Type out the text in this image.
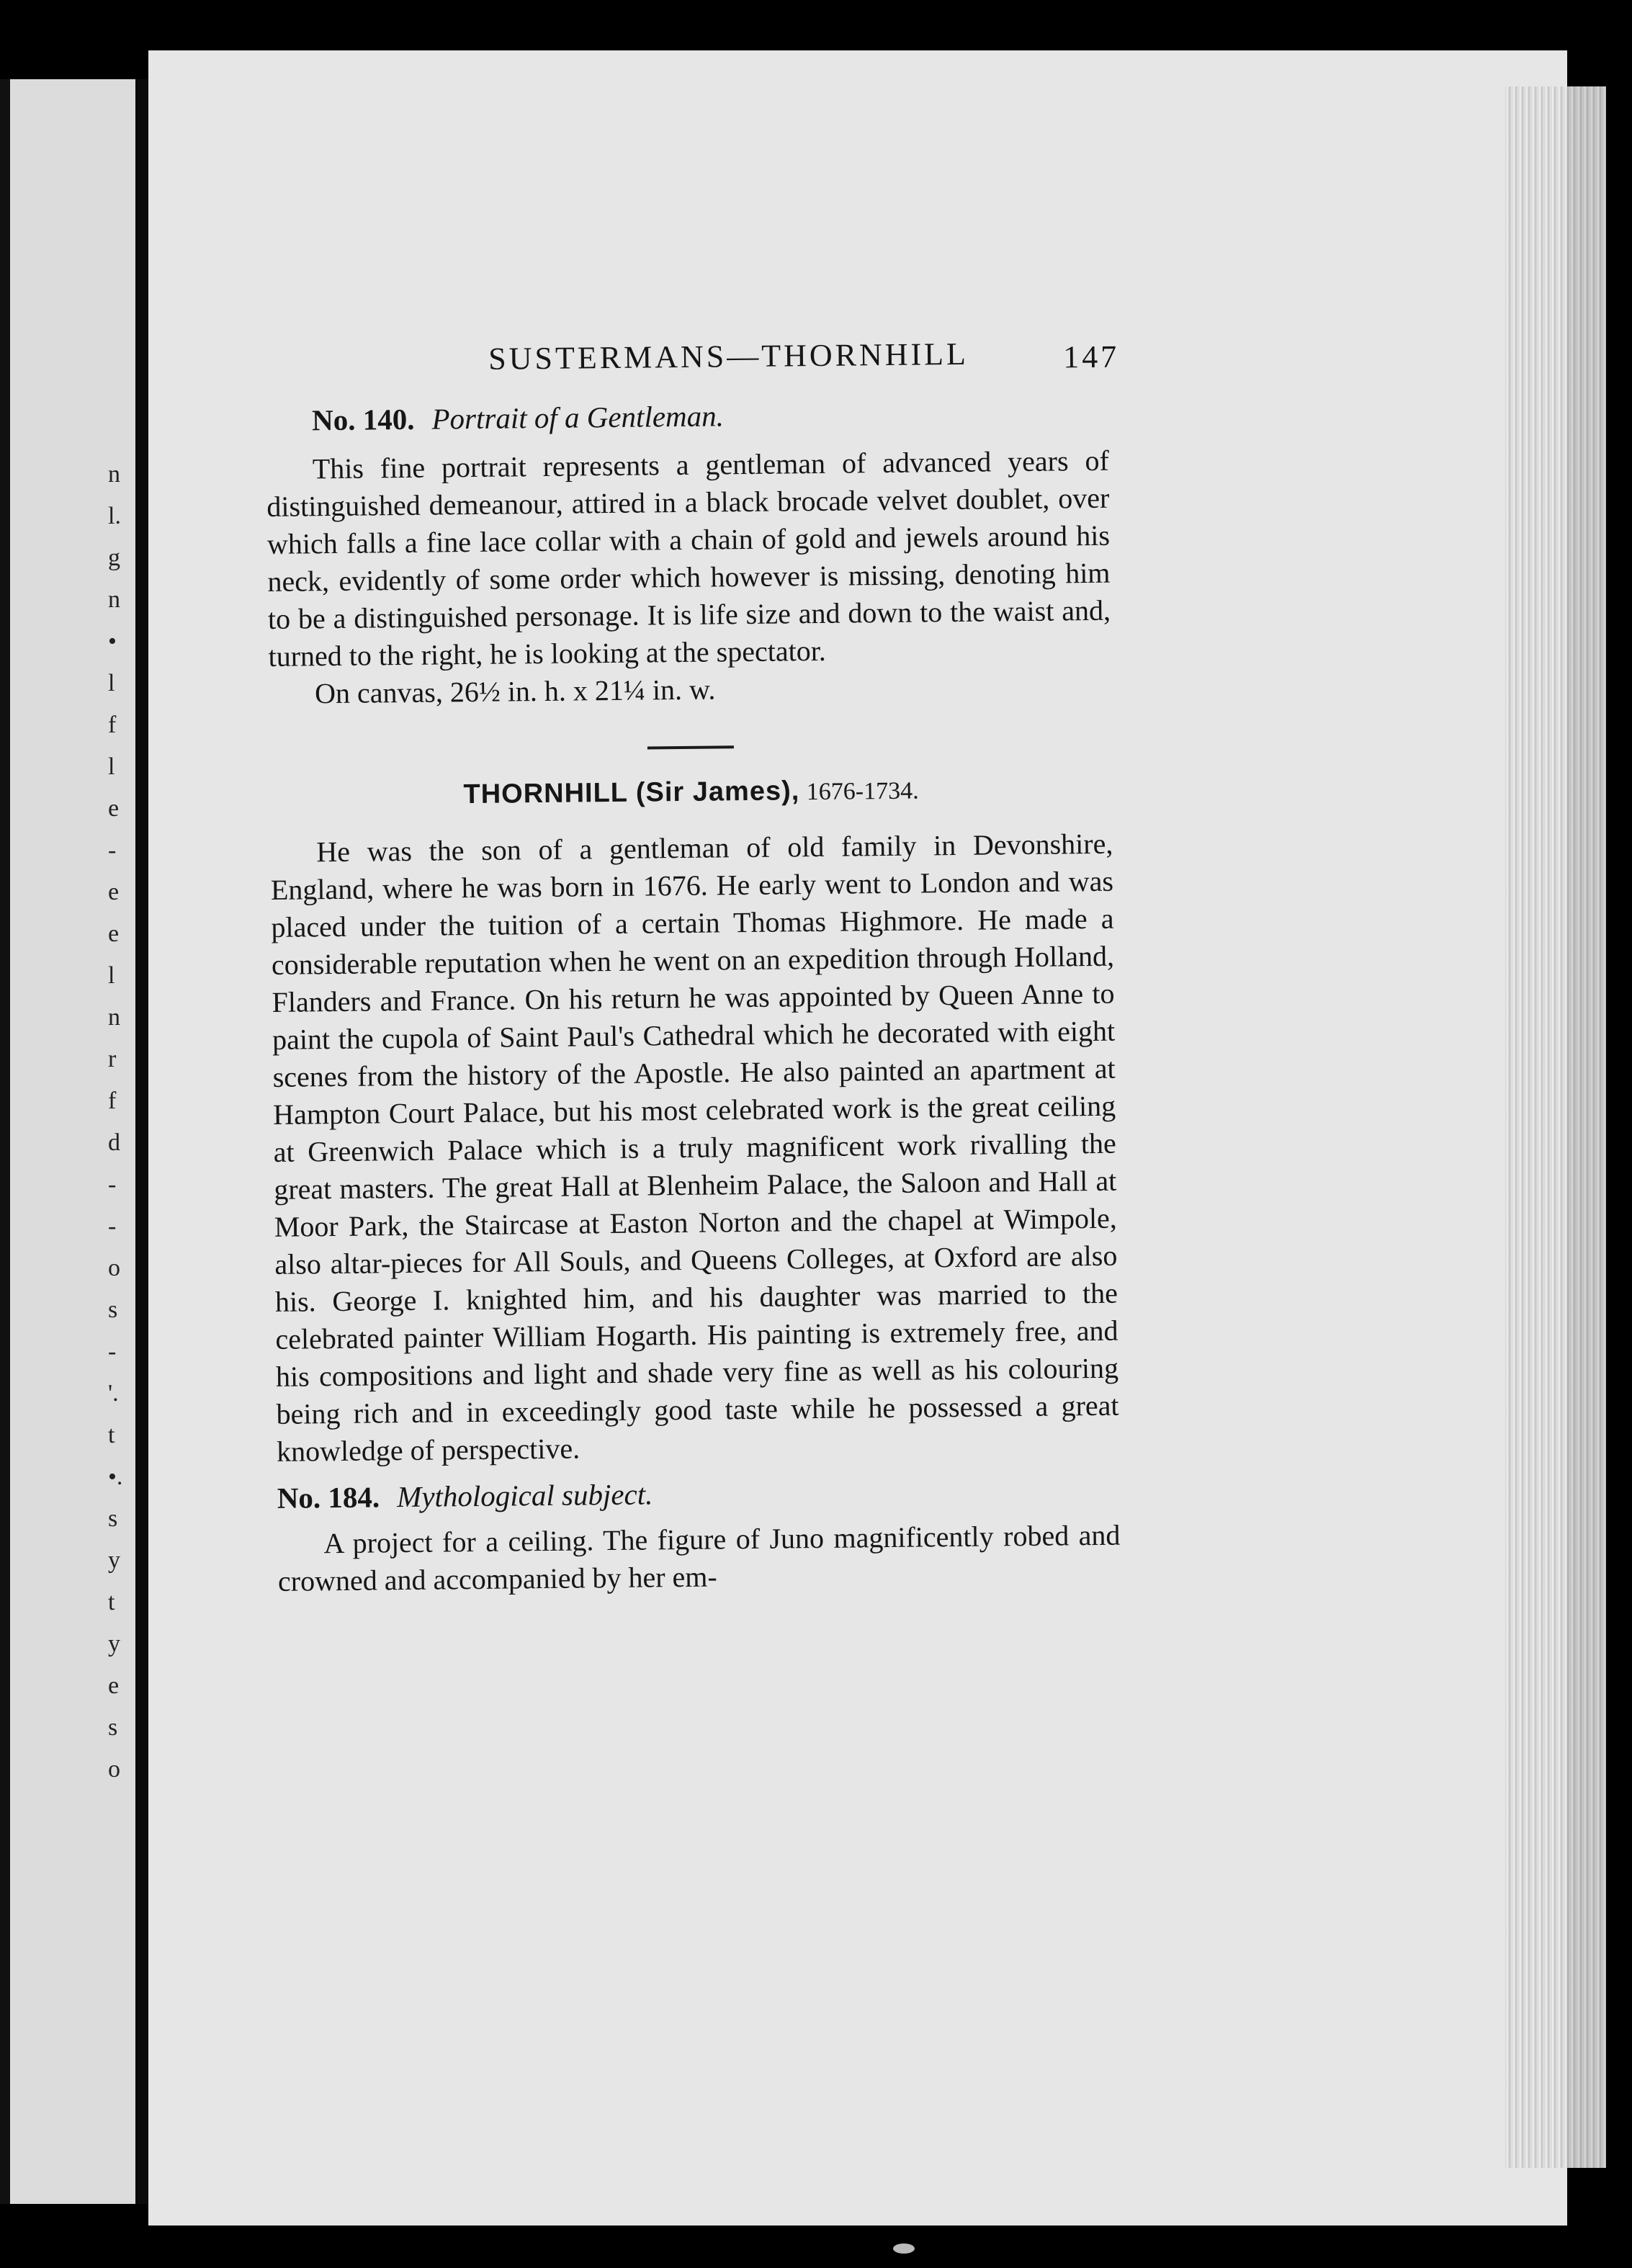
n
l.
g
n
•
l
f
l
e
-
e
e
l
n
r
f
d
-
-
o
s
-
'.
t
•.
s
y
t
y
e
s
o
SUSTERMANS—THORNHILL	147
No. 140. Portrait of a Gentleman.

This fine portrait represents a gentleman of advanced years of distinguished demeanour, attired in a black brocade velvet doublet, over which falls a fine lace collar with a chain of gold and jewels around his neck, evidently of some order which however is missing, denoting him to be a distinguished personage. It is life size and down to the waist and, turned to the right, he is looking at the spectator.

On canvas, 26½ in. h. x 21¼ in. w.

THORNHILL (Sir James), 1676-1734.

He was the son of a gentleman of old family in Devonshire, England, where he was born in 1676. He early went to London and was placed under the tuition of a certain Thomas Highmore. He made a considerable reputation when he went on an expedition through Holland, Flanders and France. On his return he was appointed by Queen Anne to paint the cupola of Saint Paul's Cathedral which he decorated with eight scenes from the history of the Apostle. He also painted an apartment at Hampton Court Palace, but his most celebrated work is the great ceiling at Greenwich Palace which is a truly magnificent work rivalling the great masters. The great Hall at Blenheim Palace, the Saloon and Hall at Moor Park, the Staircase at Easton Norton and the chapel at Wimpole, also altar-pieces for All Souls, and Queens Colleges, at Oxford are also his. George I. knighted him, and his daughter was married to the celebrated painter William Hogarth. His painting is extremely free, and his compositions and light and shade very fine as well as his colouring being rich and in exceedingly good taste while he possessed a great knowledge of perspective.

No. 184. Mythological subject.

A project for a ceiling. The figure of Juno magnificently robed and crowned and accompanied by her em-
